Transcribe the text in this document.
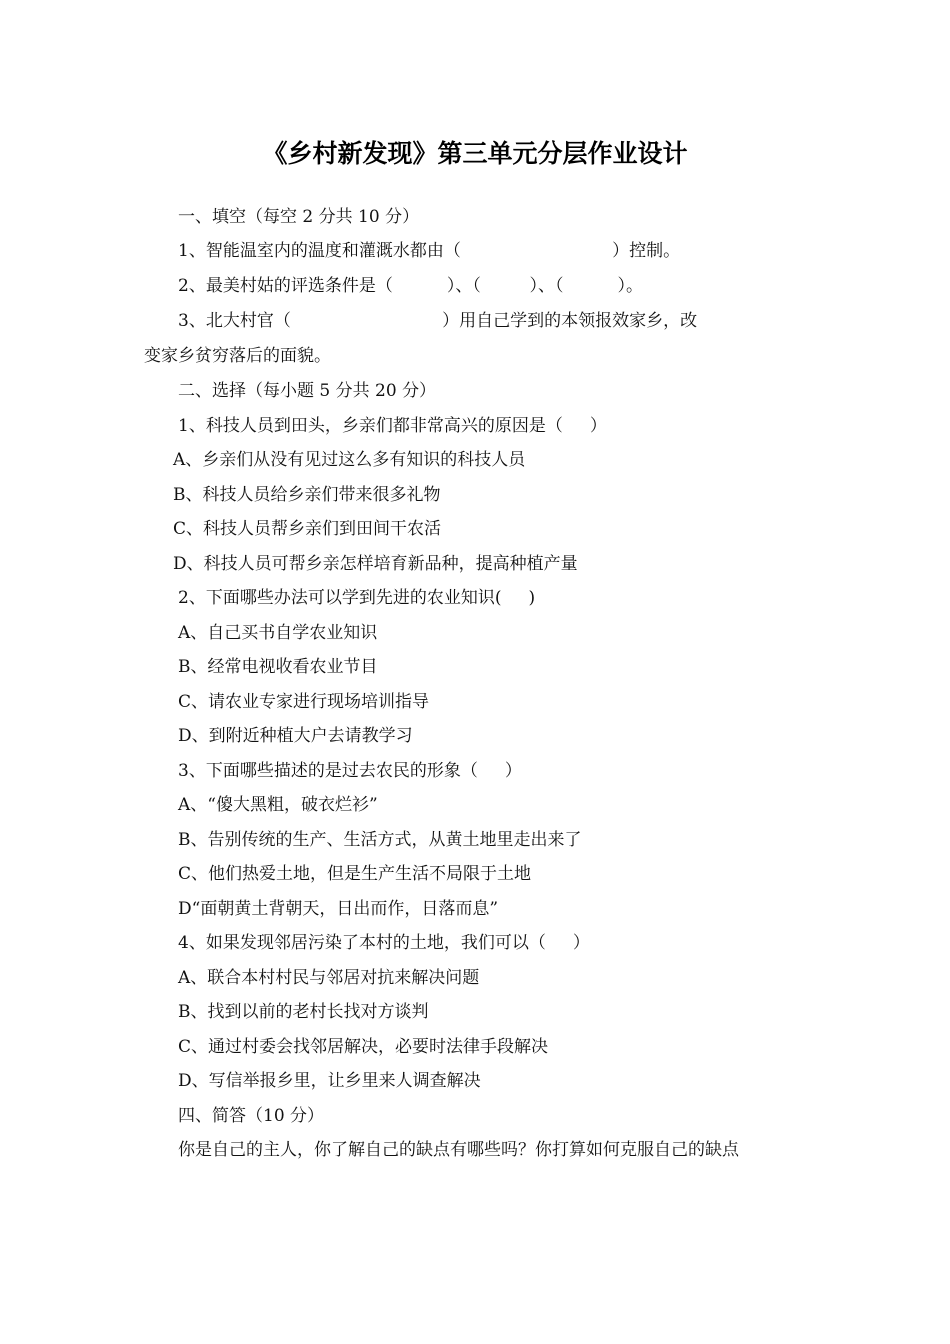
《乡村新发现》第三单元分层作业设计
一、填空（每空 2 分共 10 分）
1、智能温室内的温度和灌溉水都由（                            ）控制。
2、最美村姑的评选条件是（          ）、（         ）、（          ）。
3、北大村官（                            ）用自己学到的本领报效家乡，改
变家乡贫穷落后的面貌。
二、选择（每小题 5 分共 20 分）
1、科技人员到田头，乡亲们都非常高兴的原因是（     ）
A、乡亲们从没有见过这么多有知识的科技人员
B、科技人员给乡亲们带来很多礼物
C、科技人员帮乡亲们到田间干农活
D、科技人员可帮乡亲怎样培育新品种，提高种植产量
2、下面哪些办法可以学到先进的农业知识(     )
A、自己买书自学农业知识
B、经常电视收看农业节目
C、请农业专家进行现场培训指导
D、到附近种植大户去请教学习
3、下面哪些描述的是过去农民的形象（     ）
A、“傻大黑粗，破衣烂衫”
B、告别传统的生产、生活方式，从黄土地里走出来了
C、他们热爱土地，但是生产生活不局限于土地
D“面朝黄土背朝天，日出而作，日落而息”
4、如果发现邻居污染了本村的土地，我们可以（     ）
A、联合本村村民与邻居对抗来解决问题
B、找到以前的老村长找对方谈判
C、通过村委会找邻居解决，必要时法律手段解决
D、写信举报乡里，让乡里来人调查解决
四、简答（10 分）
你是自己的主人，你了解自己的缺点有哪些吗？你打算如何克服自己的缺点
